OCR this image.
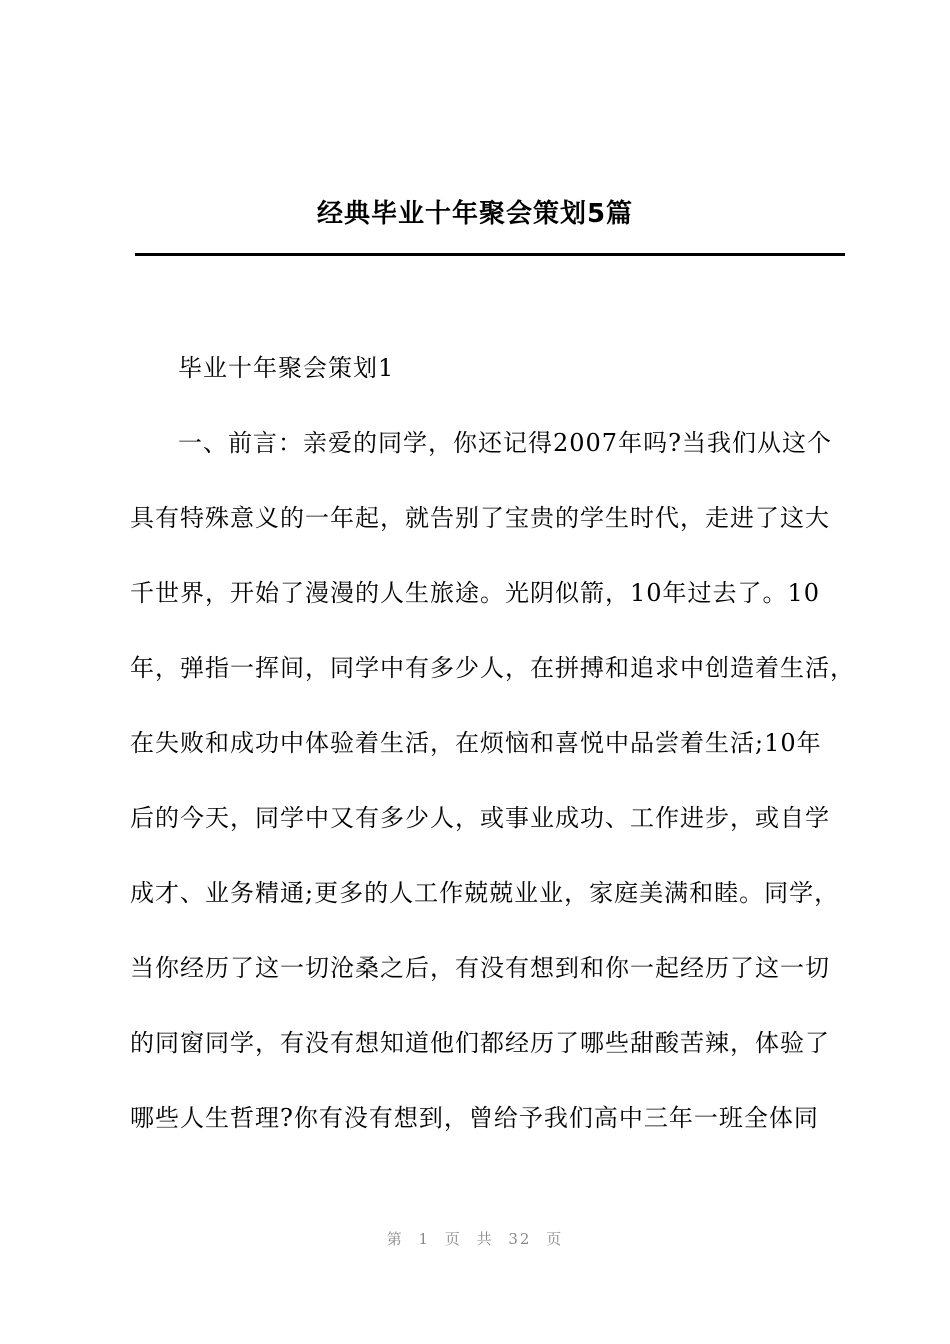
经典毕业十年聚会策划5篇
毕业十年聚会策划1
一、前言：亲爱的同学，你还记得2007年吗?当我们从这个
具有特殊意义的一年起，就告别了宝贵的学生时代，走进了这大
千世界，开始了漫漫的人生旅途。光阴似箭，10年过去了。10
年，弹指一挥间，同学中有多少人，在拼搏和追求中创造着生活，
在失败和成功中体验着生活，在烦恼和喜悦中品尝着生活;10年
后的今天，同学中又有多少人，或事业成功、工作进步，或自学
成才、业务精通;更多的人工作兢兢业业，家庭美满和睦。同学，
当你经历了这一切沧桑之后，有没有想到和你一起经历了这一切
的同窗同学，有没有想知道他们都经历了哪些甜酸苦辣，体验了
哪些人生哲理?你有没有想到，曾给予我们高中三年一班全体同
第 1 页 共 32 页
